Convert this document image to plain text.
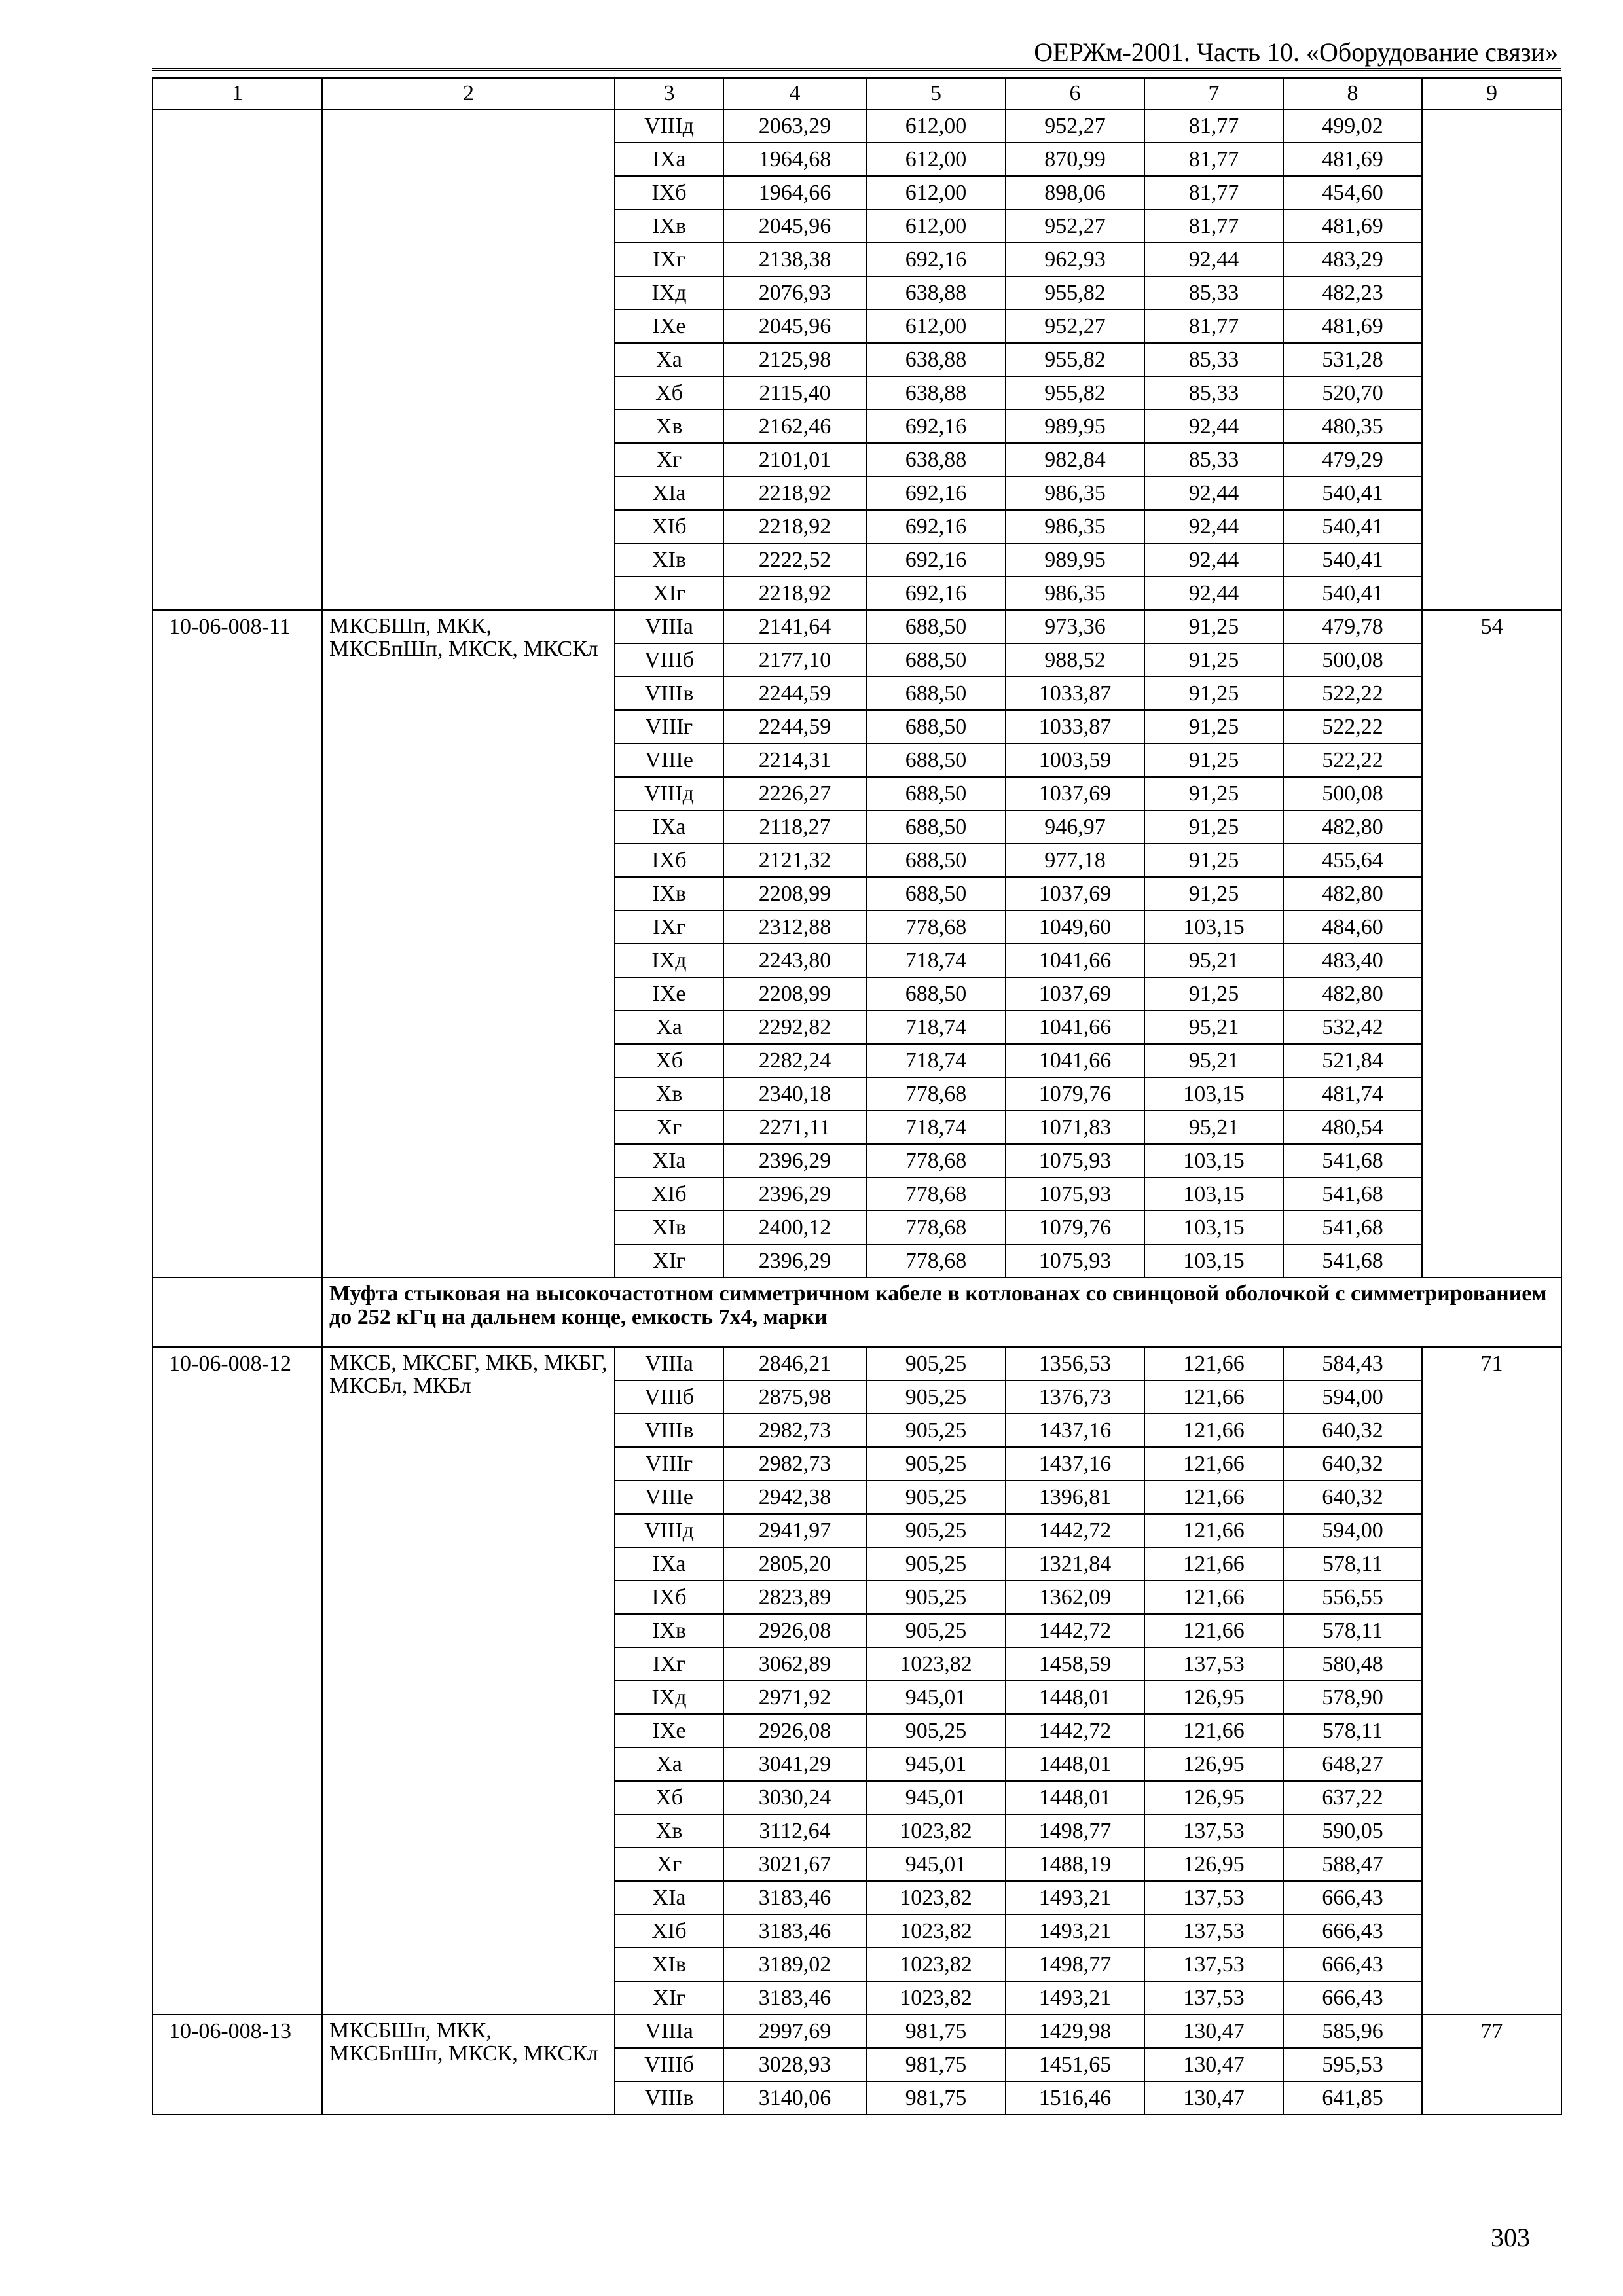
ОЕРЖм-2001. Часть 10. «Оборудование связи»
1	2	3	4	5	6	7	8	9
		VIIIд	2063,29	612,00	952,27	81,77	499,02	
		IXа	1964,68	612,00	870,99	81,77	481,69	
		IXб	1964,66	612,00	898,06	81,77	454,60	
		IXв	2045,96	612,00	952,27	81,77	481,69	
		IXг	2138,38	692,16	962,93	92,44	483,29	
		IXд	2076,93	638,88	955,82	85,33	482,23	
		IXе	2045,96	612,00	952,27	81,77	481,69	
		Xа	2125,98	638,88	955,82	85,33	531,28	
		Xб	2115,40	638,88	955,82	85,33	520,70	
		Xв	2162,46	692,16	989,95	92,44	480,35	
		Xг	2101,01	638,88	982,84	85,33	479,29	
		XIа	2218,92	692,16	986,35	92,44	540,41	
		XIб	2218,92	692,16	986,35	92,44	540,41	
		XIв	2222,52	692,16	989,95	92,44	540,41	
		XIг	2218,92	692,16	986,35	92,44	540,41	
10-06-008-11	МКСБШп, МКК, МКСБпШп, МКСК, МКСКл	VIIIа	2141,64	688,50	973,36	91,25	479,78	54
		VIIIб	2177,10	688,50	988,52	91,25	500,08	
		VIIIв	2244,59	688,50	1033,87	91,25	522,22	
		VIIIг	2244,59	688,50	1033,87	91,25	522,22	
		VIIIе	2214,31	688,50	1003,59	91,25	522,22	
		VIIIд	2226,27	688,50	1037,69	91,25	500,08	
		IXа	2118,27	688,50	946,97	91,25	482,80	
		IXб	2121,32	688,50	977,18	91,25	455,64	
		IXв	2208,99	688,50	1037,69	91,25	482,80	
		IXг	2312,88	778,68	1049,60	103,15	484,60	
		IXд	2243,80	718,74	1041,66	95,21	483,40	
		IXе	2208,99	688,50	1037,69	91,25	482,80	
		Xа	2292,82	718,74	1041,66	95,21	532,42	
		Xб	2282,24	718,74	1041,66	95,21	521,84	
		Xв	2340,18	778,68	1079,76	103,15	481,74	
		Xг	2271,11	718,74	1071,83	95,21	480,54	
		XIа	2396,29	778,68	1075,93	103,15	541,68	
		XIб	2396,29	778,68	1075,93	103,15	541,68	
		XIв	2400,12	778,68	1079,76	103,15	541,68	
		XIг	2396,29	778,68	1075,93	103,15	541,68	
	Муфта стыковая на высокочастотном симметричном кабеле в котлованах со свинцовой оболочкой с симметрированием до 252 кГц на дальнем конце, емкость 7х4, марки							
10-06-008-12	МКСБ, МКСБГ, МКБ, МКБГ, МКСБл, МКБл	VIIIа	2846,21	905,25	1356,53	121,66	584,43	71
		VIIIб	2875,98	905,25	1376,73	121,66	594,00	
		VIIIв	2982,73	905,25	1437,16	121,66	640,32	
		VIIIг	2982,73	905,25	1437,16	121,66	640,32	
		VIIIе	2942,38	905,25	1396,81	121,66	640,32	
		VIIIд	2941,97	905,25	1442,72	121,66	594,00	
		IXа	2805,20	905,25	1321,84	121,66	578,11	
		IXб	2823,89	905,25	1362,09	121,66	556,55	
		IXв	2926,08	905,25	1442,72	121,66	578,11	
		IXг	3062,89	1023,82	1458,59	137,53	580,48	
		IXд	2971,92	945,01	1448,01	126,95	578,90	
		IXе	2926,08	905,25	1442,72	121,66	578,11	
		Xа	3041,29	945,01	1448,01	126,95	648,27	
		Xб	3030,24	945,01	1448,01	126,95	637,22	
		Xв	3112,64	1023,82	1498,77	137,53	590,05	
		Xг	3021,67	945,01	1488,19	126,95	588,47	
		XIа	3183,46	1023,82	1493,21	137,53	666,43	
		XIб	3183,46	1023,82	1493,21	137,53	666,43	
		XIв	3189,02	1023,82	1498,77	137,53	666,43	
		XIг	3183,46	1023,82	1493,21	137,53	666,43	
10-06-008-13	МКСБШп, МКК, МКСБпШп, МКСК, МКСКл	VIIIа	2997,69	981,75	1429,98	130,47	585,96	77
		VIIIб	3028,93	981,75	1451,65	130,47	595,53	
		VIIIв	3140,06	981,75	1516,46	130,47	641,85	
303
